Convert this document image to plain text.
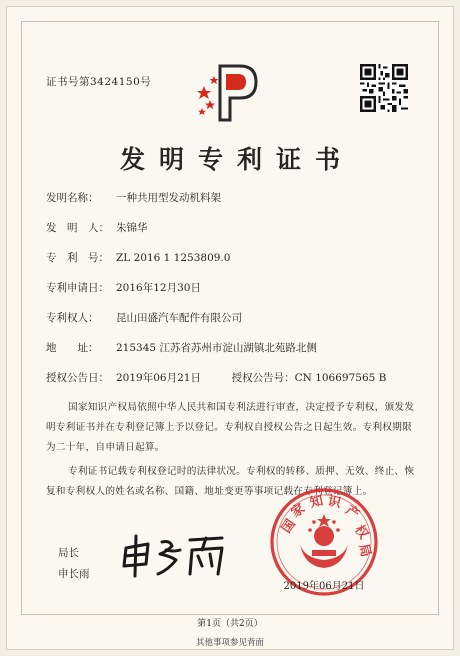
证书号第3424150号
发明专利证书
发明名称： 一种共用型发动机料架
发　明　人： 朱锦华
专　利　号： ZL 2016 1 1253809.0
专利申请日： 2016年12月30日
专利权人： 昆山田盛汽车配件有限公司
地　　址： 215345 江苏省苏州市淀山湖镇北苑路北侧
授权公告日： 2019年06月21日	授权公告号：CN 106697565 B
国家知识产权局依照中华人民共和国专利法进行审查，决定授予专利权，颁发发明专利证书并在专利登记簿上予以登记。专利权自授权公告之日起生效。专利权期限为二十年，自申请日起算。
专利证书记载专利权登记时的法律状况。专利权的转移、质押、无效、终止、恢复和专利权人的姓名或名称、国籍、地址变更等事项记载在专利登记簿上。
局长
申长雨
国
家 知 识
产
权
局
2019年06月21日
第1页（共2页）
其他事项参见背面
